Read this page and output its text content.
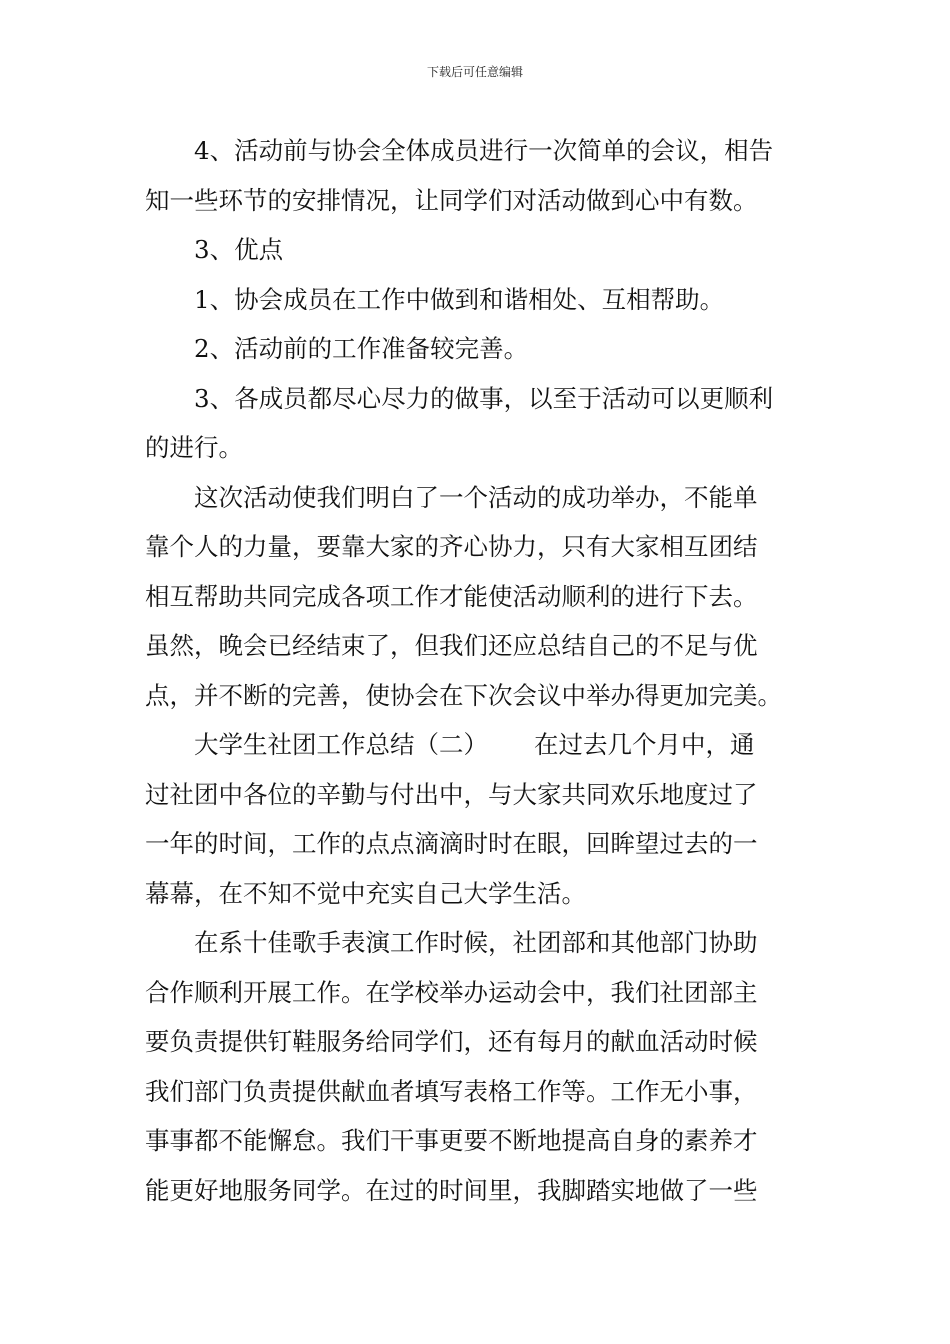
下载后可任意编辑
4、活动前与协会全体成员进行一次简单的会议，相告
知一些环节的安排情况，让同学们对活动做到心中有数。
3、优点
1、协会成员在工作中做到和谐相处、互相帮助。
2、活动前的工作准备较完善。
3、各成员都尽心尽力的做事，以至于活动可以更顺利
的进行。
这次活动使我们明白了一个活动的成功举办，不能单
靠个人的力量，要靠大家的齐心协力，只有大家相互团结
相互帮助共同完成各项工作才能使活动顺利的进行下去。
虽然，晚会已经结束了，但我们还应总结自己的不足与优
点，并不断的完善，使协会在下次会议中举办得更加完美。
大学生社团工作总结（二） 在过去几个月中，通
过社团中各位的辛勤与付出中，与大家共同欢乐地度过了
一年的时间，工作的点点滴滴时时在眼，回眸望过去的一
幕幕，在不知不觉中充实自己大学生活。
在系十佳歌手表演工作时候，社团部和其他部门协助
合作顺利开展工作。在学校举办运动会中，我们社团部主
要负责提供钉鞋服务给同学们，还有每月的献血活动时候
我们部门负责提供献血者填写表格工作等。工作无小事，
事事都不能懈怠。我们干事更要不断地提高自身的素养才
能更好地服务同学。在过的时间里，我脚踏实地做了一些
